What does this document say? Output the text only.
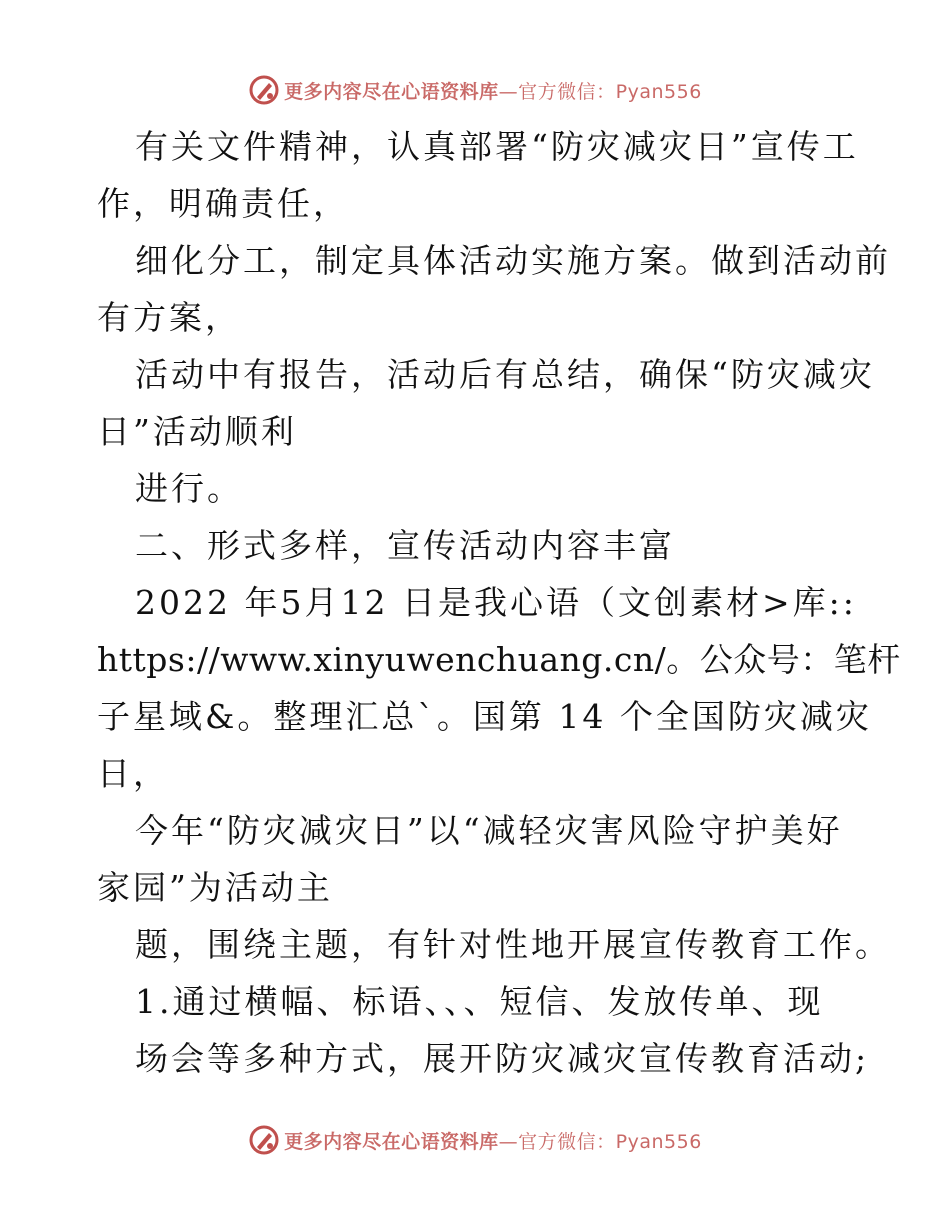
更多内容尽在心语资料库—官方微信：Pyan556
有关文件精神，认真部署“防灾减灾日”宣传工
作，明确责任，
细化分工，制定具体活动实施方案。做到活动前
有方案，
活动中有报告，活动后有总结，确保“防灾减灾
日”活动顺利
进行。
二、形式多样，宣传活动内容丰富
2022 年5月12 日是我心语（文创素材>库::
https://www.xinyuwenchuang.cn/。公众号：笔杆
子星域&。整理汇总`。国第 14 个全国防灾减灾
日，
今年“防灾减灾日”以“减轻灾害风险守护美好
家园”为活动主
题，围绕主题，有针对性地开展宣传教育工作。
1.通过横幅、标语、、、短信、发放传单、现
场会等多种方式，展开防灾减灾宣传教育活动;
更多内容尽在心语资料库—官方微信：Pyan556
